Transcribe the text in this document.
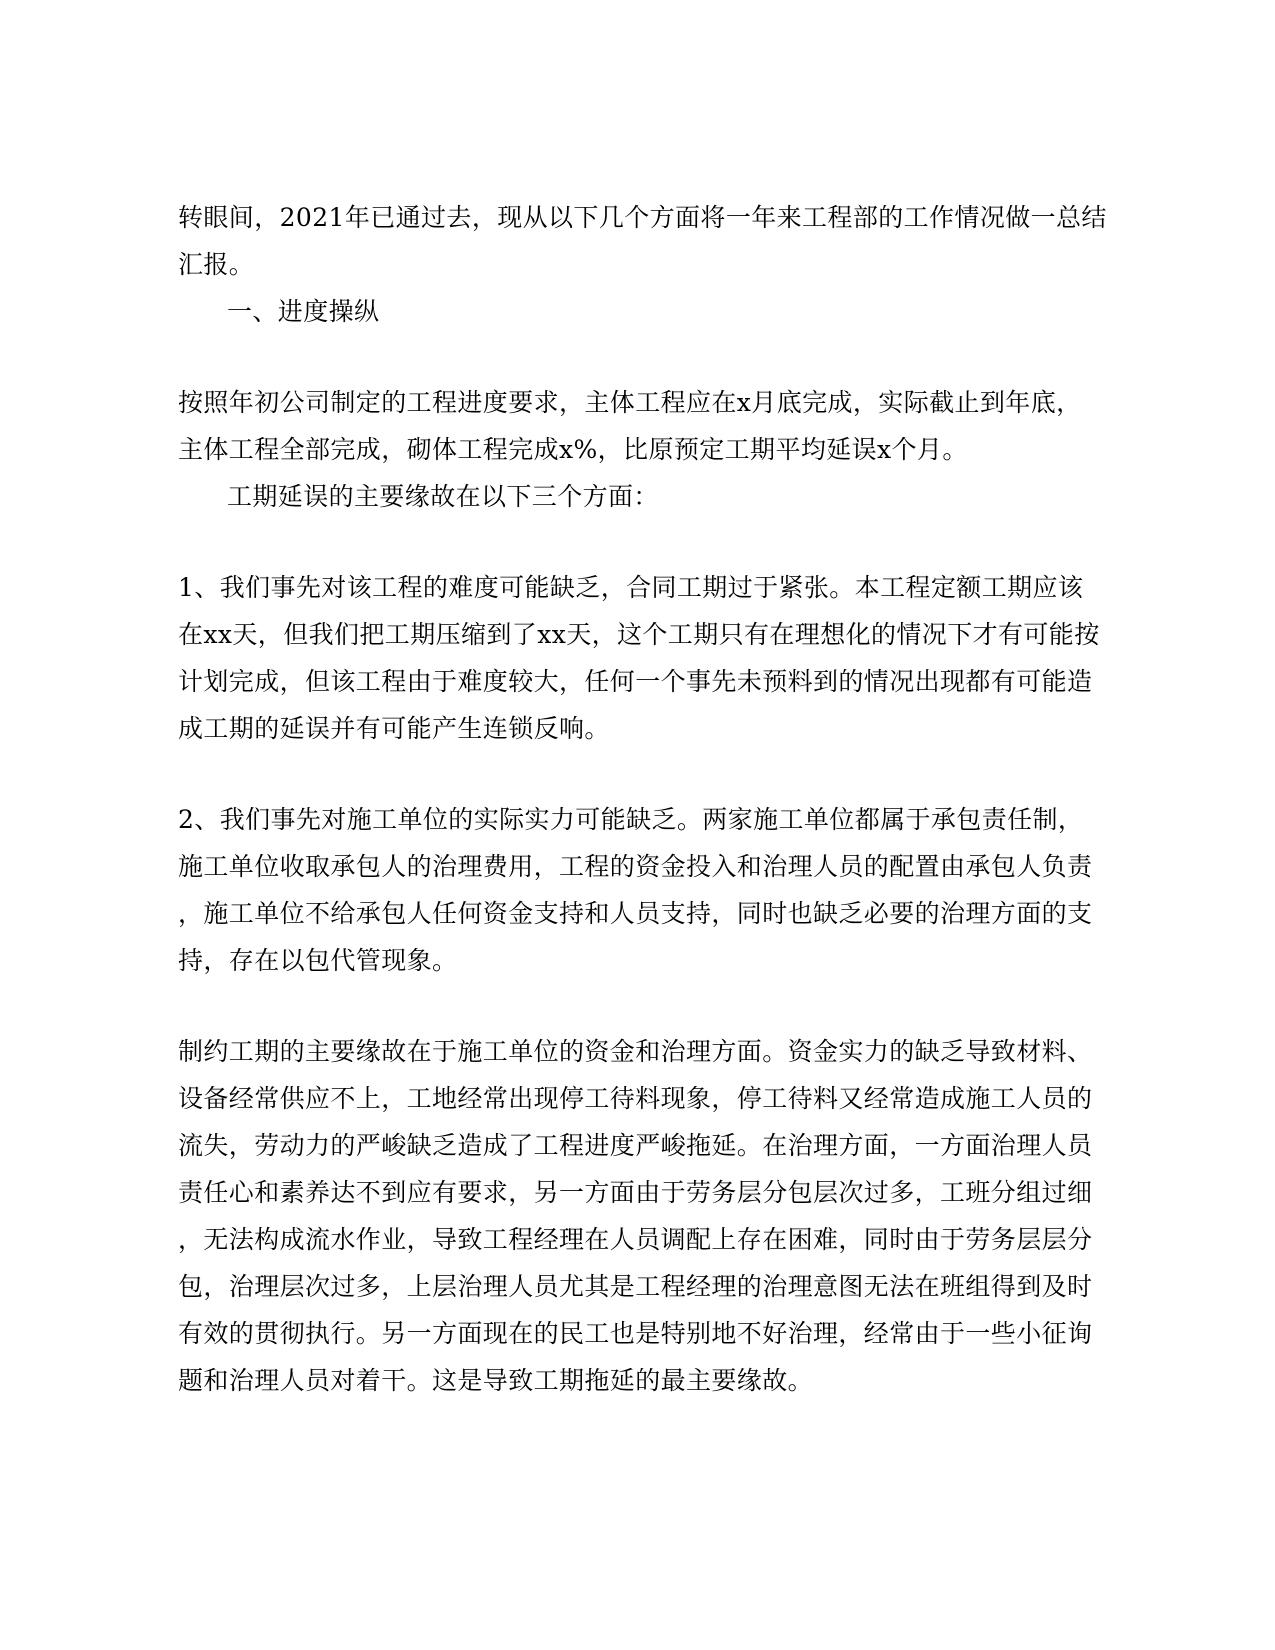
转眼间，2021年已通过去，现从以下几个方面将一年来工程部的工作情况做一总结
汇报。
一、进度操纵
按照年初公司制定的工程进度要求，主体工程应在x月底完成，实际截止到年底，
主体工程全部完成，砌体工程完成x%，比原预定工期平均延误x个月。
工期延误的主要缘故在以下三个方面：
1、我们事先对该工程的难度可能缺乏，合同工期过于紧张。本工程定额工期应该
在xx天，但我们把工期压缩到了xx天，这个工期只有在理想化的情况下才有可能按
计划完成，但该工程由于难度较大，任何一个事先未预料到的情况出现都有可能造
成工期的延误并有可能产生连锁反响。
2、我们事先对施工单位的实际实力可能缺乏。两家施工单位都属于承包责任制，
施工单位收取承包人的治理费用，工程的资金投入和治理人员的配置由承包人负责
，施工单位不给承包人任何资金支持和人员支持，同时也缺乏必要的治理方面的支
持，存在以包代管现象。
制约工期的主要缘故在于施工单位的资金和治理方面。资金实力的缺乏导致材料、
设备经常供应不上，工地经常出现停工待料现象，停工待料又经常造成施工人员的
流失，劳动力的严峻缺乏造成了工程进度严峻拖延。在治理方面，一方面治理人员
责任心和素养达不到应有要求，另一方面由于劳务层分包层次过多，工班分组过细
，无法构成流水作业，导致工程经理在人员调配上存在困难，同时由于劳务层层分
包，治理层次过多，上层治理人员尤其是工程经理的治理意图无法在班组得到及时
有效的贯彻执行。另一方面现在的民工也是特别地不好治理，经常由于一些小征询
题和治理人员对着干。这是导致工期拖延的最主要缘故。
